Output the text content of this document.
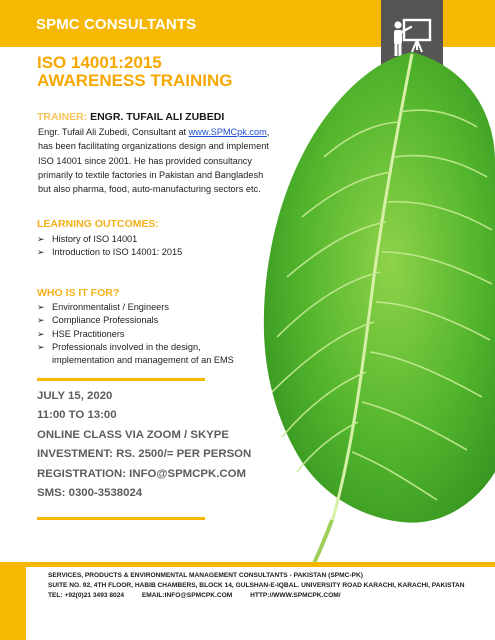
SPMC CONSULTANTS
ISO 14001:2015
AWARENESS TRAINING
TRAINER: ENGR. TUFAIL ALI ZUBEDI
Engr. Tufail Ali Zubedi, Consultant at www.SPMCpk.com, has been facilitating organizations design and implement ISO 14001 since 2001. He has provided consultancy primarily to textile factories in Pakistan and Bangladesh but also pharma, food, auto-manufacturing sectors etc.
LEARNING OUTCOMES:
➢ History of ISO 14001
➢ Introduction to ISO 14001: 2015
WHO IS IT FOR?
➢ Environmentalist / Engineers
➢ Compliance Professionals
➢ HSE Practitioners
➢ Professionals involved in the design, implementation and management of an EMS
JULY 15, 2020
11:00 TO 13:00
ONLINE CLASS VIA ZOOM / SKYPE
INVESTMENT: RS. 2500/= PER PERSON
REGISTRATION: INFO@SPMCPK.COM
SMS: 0300-3538024
SERVICES, PRODUCTS & ENVIRONMENTAL MANAGEMENT CONSULTANTS - PAKISTAN (SPMC-PK)
SUITE NO. 92, 4TH FLOOR, HABIB CHAMBERS, BLOCK 14, GULSHAN-E-IQBAL. UNIVERSITY ROAD KARACHI, KARACHI, PAKISTAN
TEL: +92(0)21 3493 8024	EMAIL:INFO@SPMCPK.COM	HTTP://WWW.SPMCPK.COM/
